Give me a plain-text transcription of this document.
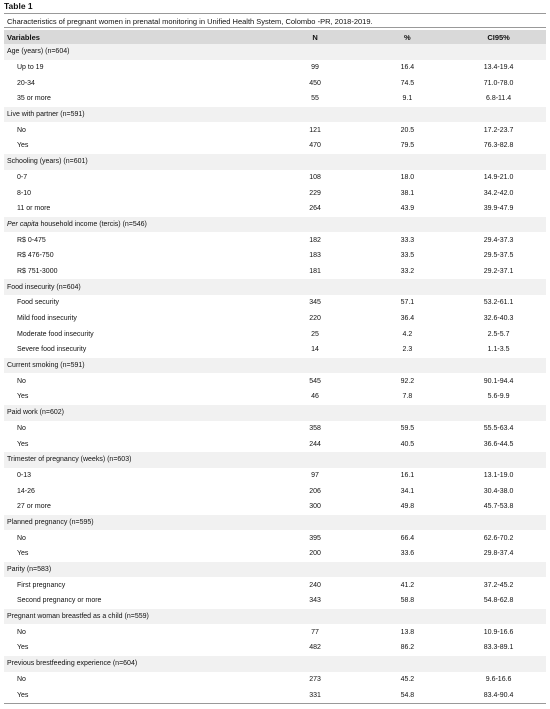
Table 1
Characteristics of pregnant women in prenatal monitoring in Unified Health System, Colombo -PR, 2018-2019.
Variables	N	%	CI95%
Age (years) (n=604)			
Up to 19	99	16.4	13.4-19.4
20-34	450	74.5	71.0-78.0
35 or more	55	9.1	6.8-11.4
Live with partner (n=591)			
No	121	20.5	17.2-23.7
Yes	470	79.5	76.3-82.8
Schooling (years) (n=601)			
0-7	108	18.0	14.9-21.0
8-10	229	38.1	34.2-42.0
11 or more	264	43.9	39.9-47.9
Per capita household income (tercis) (n=546)			
R$ 0-475	182	33.3	29.4-37.3
R$ 476-750	183	33.5	29.5-37.5
R$ 751-3000	181	33.2	29.2-37.1
Food insecurity (n=604)			
Food security	345	57.1	53.2-61.1
Mild food insecurity	220	36.4	32.6-40.3
Moderate food insecurity	25	4.2	2.5-5.7
Severe food insecurity	14	2.3	1.1-3.5
Current smoking (n=591)			
No	545	92.2	90.1-94.4
Yes	46	7.8	5.6-9.9
Paid work (n=602)			
No	358	59.5	55.5-63.4
Yes	244	40.5	36.6-44.5
Trimester of pregnancy (weeks) (n=603)			
0-13	97	16.1	13.1-19.0
14-26	206	34.1	30.4-38.0
27 or more	300	49.8	45.7-53.8
Planned pregnancy (n=595)			
No	395	66.4	62.6-70.2
Yes	200	33.6	29.8-37.4
Parity (n=583)			
First pregnancy	240	41.2	37.2-45.2
Second pregnancy or more	343	58.8	54.8-62.8
Pregnant woman breastfed as a child (n=559)			
No	77	13.8	10.9-16.6
Yes	482	86.2	83.3-89.1
Previous brestfeeding experience (n=604)			
No	273	45.2	9.6-16.6
Yes	331	54.8	83.4-90.4
